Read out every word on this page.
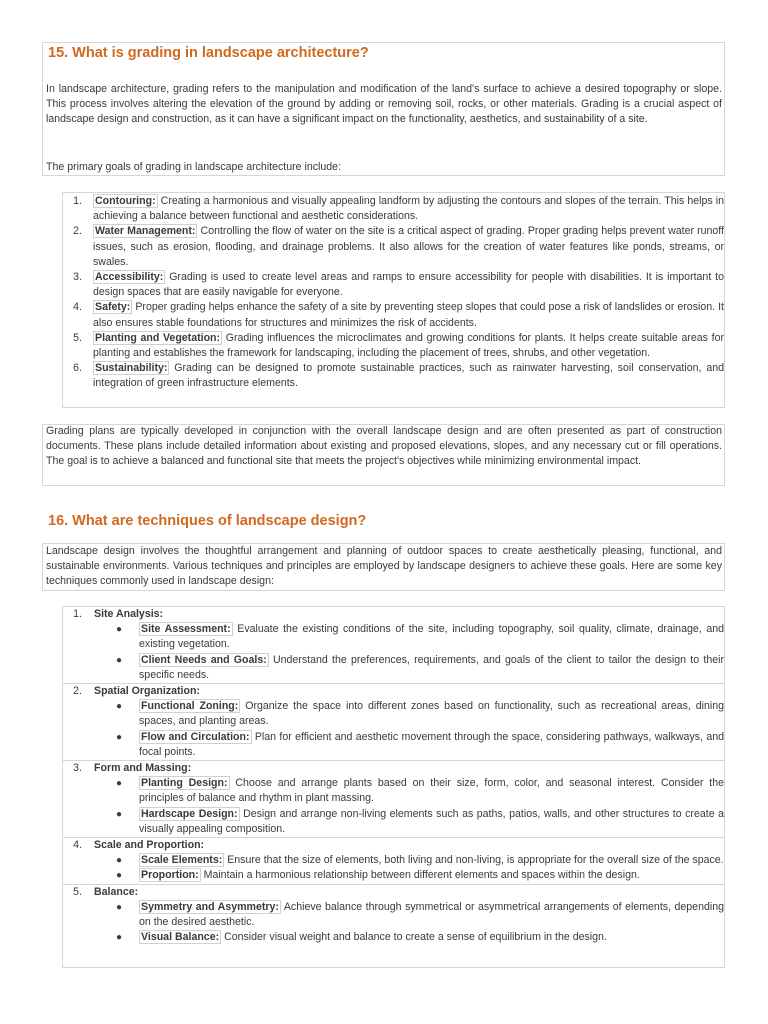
15. What is grading in landscape architecture?

In landscape architecture, grading refers to the manipulation and modification of the land's surface to achieve a desired topography or slope. This process involves altering the elevation of the ground by adding or removing soil, rocks, or other materials. Grading is a crucial aspect of landscape design and construction, as it can have a significant impact on the functionality, aesthetics, and sustainability of a site.

The primary goals of grading in landscape architecture include:

1. Contouring: Creating a harmonious and visually appealing landform by adjusting the contours and slopes of the terrain. This helps in achieving a balance between functional and aesthetic considerations.
2. Water Management: Controlling the flow of water on the site is a critical aspect of grading. Proper grading helps prevent water runoff issues, such as erosion, flooding, and drainage problems. It also allows for the creation of water features like ponds, streams, or swales.
3. Accessibility: Grading is used to create level areas and ramps to ensure accessibility for people with disabilities. It is important to design spaces that are easily navigable for everyone.
4. Safety: Proper grading helps enhance the safety of a site by preventing steep slopes that could pose a risk of landslides or erosion. It also ensures stable foundations for structures and minimizes the risk of accidents.
5. Planting and Vegetation: Grading influences the microclimates and growing conditions for plants. It helps create suitable areas for planting and establishes the framework for landscaping, including the placement of trees, shrubs, and other vegetation.
6. Sustainability: Grading can be designed to promote sustainable practices, such as rainwater harvesting, soil conservation, and integration of green infrastructure elements.

Grading plans are typically developed in conjunction with the overall landscape design and are often presented as part of construction documents. These plans include detailed information about existing and proposed elevations, slopes, and any necessary cut or fill operations. The goal is to achieve a balanced and functional site that meets the project's objectives while minimizing environmental impact.

16. What are techniques of landscape design?

Landscape design involves the thoughtful arrangement and planning of outdoor spaces to create aesthetically pleasing, functional, and sustainable environments. Various techniques and principles are employed by landscape designers to achieve these goals. Here are some key techniques commonly used in landscape design:

1. Site Analysis:
● Site Assessment: Evaluate the existing conditions of the site, including topography, soil quality, climate, drainage, and existing vegetation.
● Client Needs and Goals: Understand the preferences, requirements, and goals of the client to tailor the design to their specific needs.
2. Spatial Organization:
● Functional Zoning: Organize the space into different zones based on functionality, such as recreational areas, dining spaces, and planting areas.
● Flow and Circulation: Plan for efficient and aesthetic movement through the space, considering pathways, walkways, and focal points.
3. Form and Massing:
● Planting Design: Choose and arrange plants based on their size, form, color, and seasonal interest. Consider the principles of balance and rhythm in plant massing.
● Hardscape Design: Design and arrange non-living elements such as paths, patios, walls, and other structures to create a visually appealing composition.
4. Scale and Proportion:
● Scale Elements: Ensure that the size of elements, both living and non-living, is appropriate for the overall size of the space.
● Proportion: Maintain a harmonious relationship between different elements and spaces within the design.
5. Balance:
● Symmetry and Asymmetry: Achieve balance through symmetrical or asymmetrical arrangements of elements, depending on the desired aesthetic.
● Visual Balance: Consider visual weight and balance to create a sense of equilibrium in the design.
